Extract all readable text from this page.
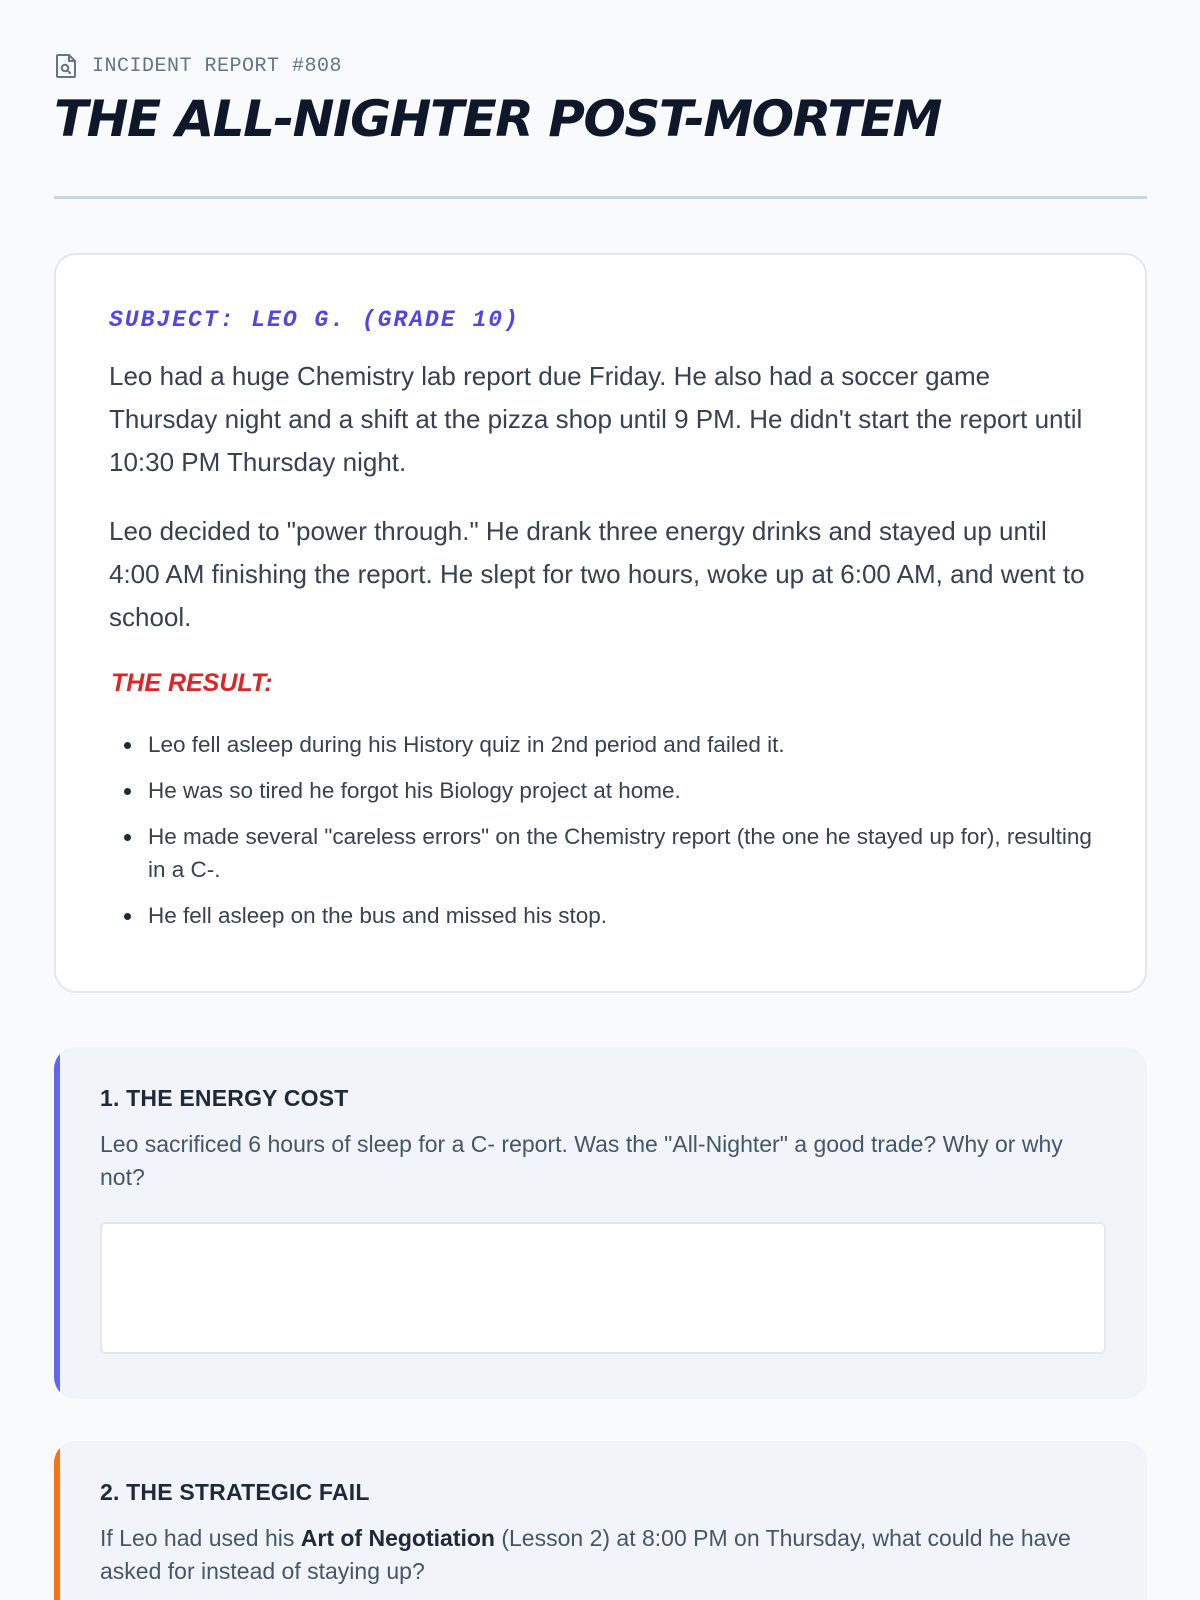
INCIDENT REPORT #808
THE ALL-NIGHTER POST-MORTEM
SUBJECT: LEO G. (GRADE 10)

Leo had a huge Chemistry lab report due Friday. He also had a soccer game Thursday night and a shift at the pizza shop until 9 PM. He didn't start the report until 10:30 PM Thursday night.

Leo decided to "power through." He drank three energy drinks and stayed up until 4:00 AM finishing the report. He slept for two hours, woke up at 6:00 AM, and went to school.

THE RESULT:
Leo fell asleep during his History quiz in 2nd period and failed it.
He was so tired he forgot his Biology project at home.
He made several "careless errors" on the Chemistry report (the one he stayed up for), resulting in a C-.
He fell asleep on the bus and missed his stop.
1. THE ENERGY COST

Leo sacrificed 6 hours of sleep for a C- report. Was the "All-Nighter" a good trade? Why or why not?

2. THE STRATEGIC FAIL

If Leo had used his Art of Negotiation (Lesson 2) at 8:00 PM on Thursday, what could he have asked for instead of staying up?
